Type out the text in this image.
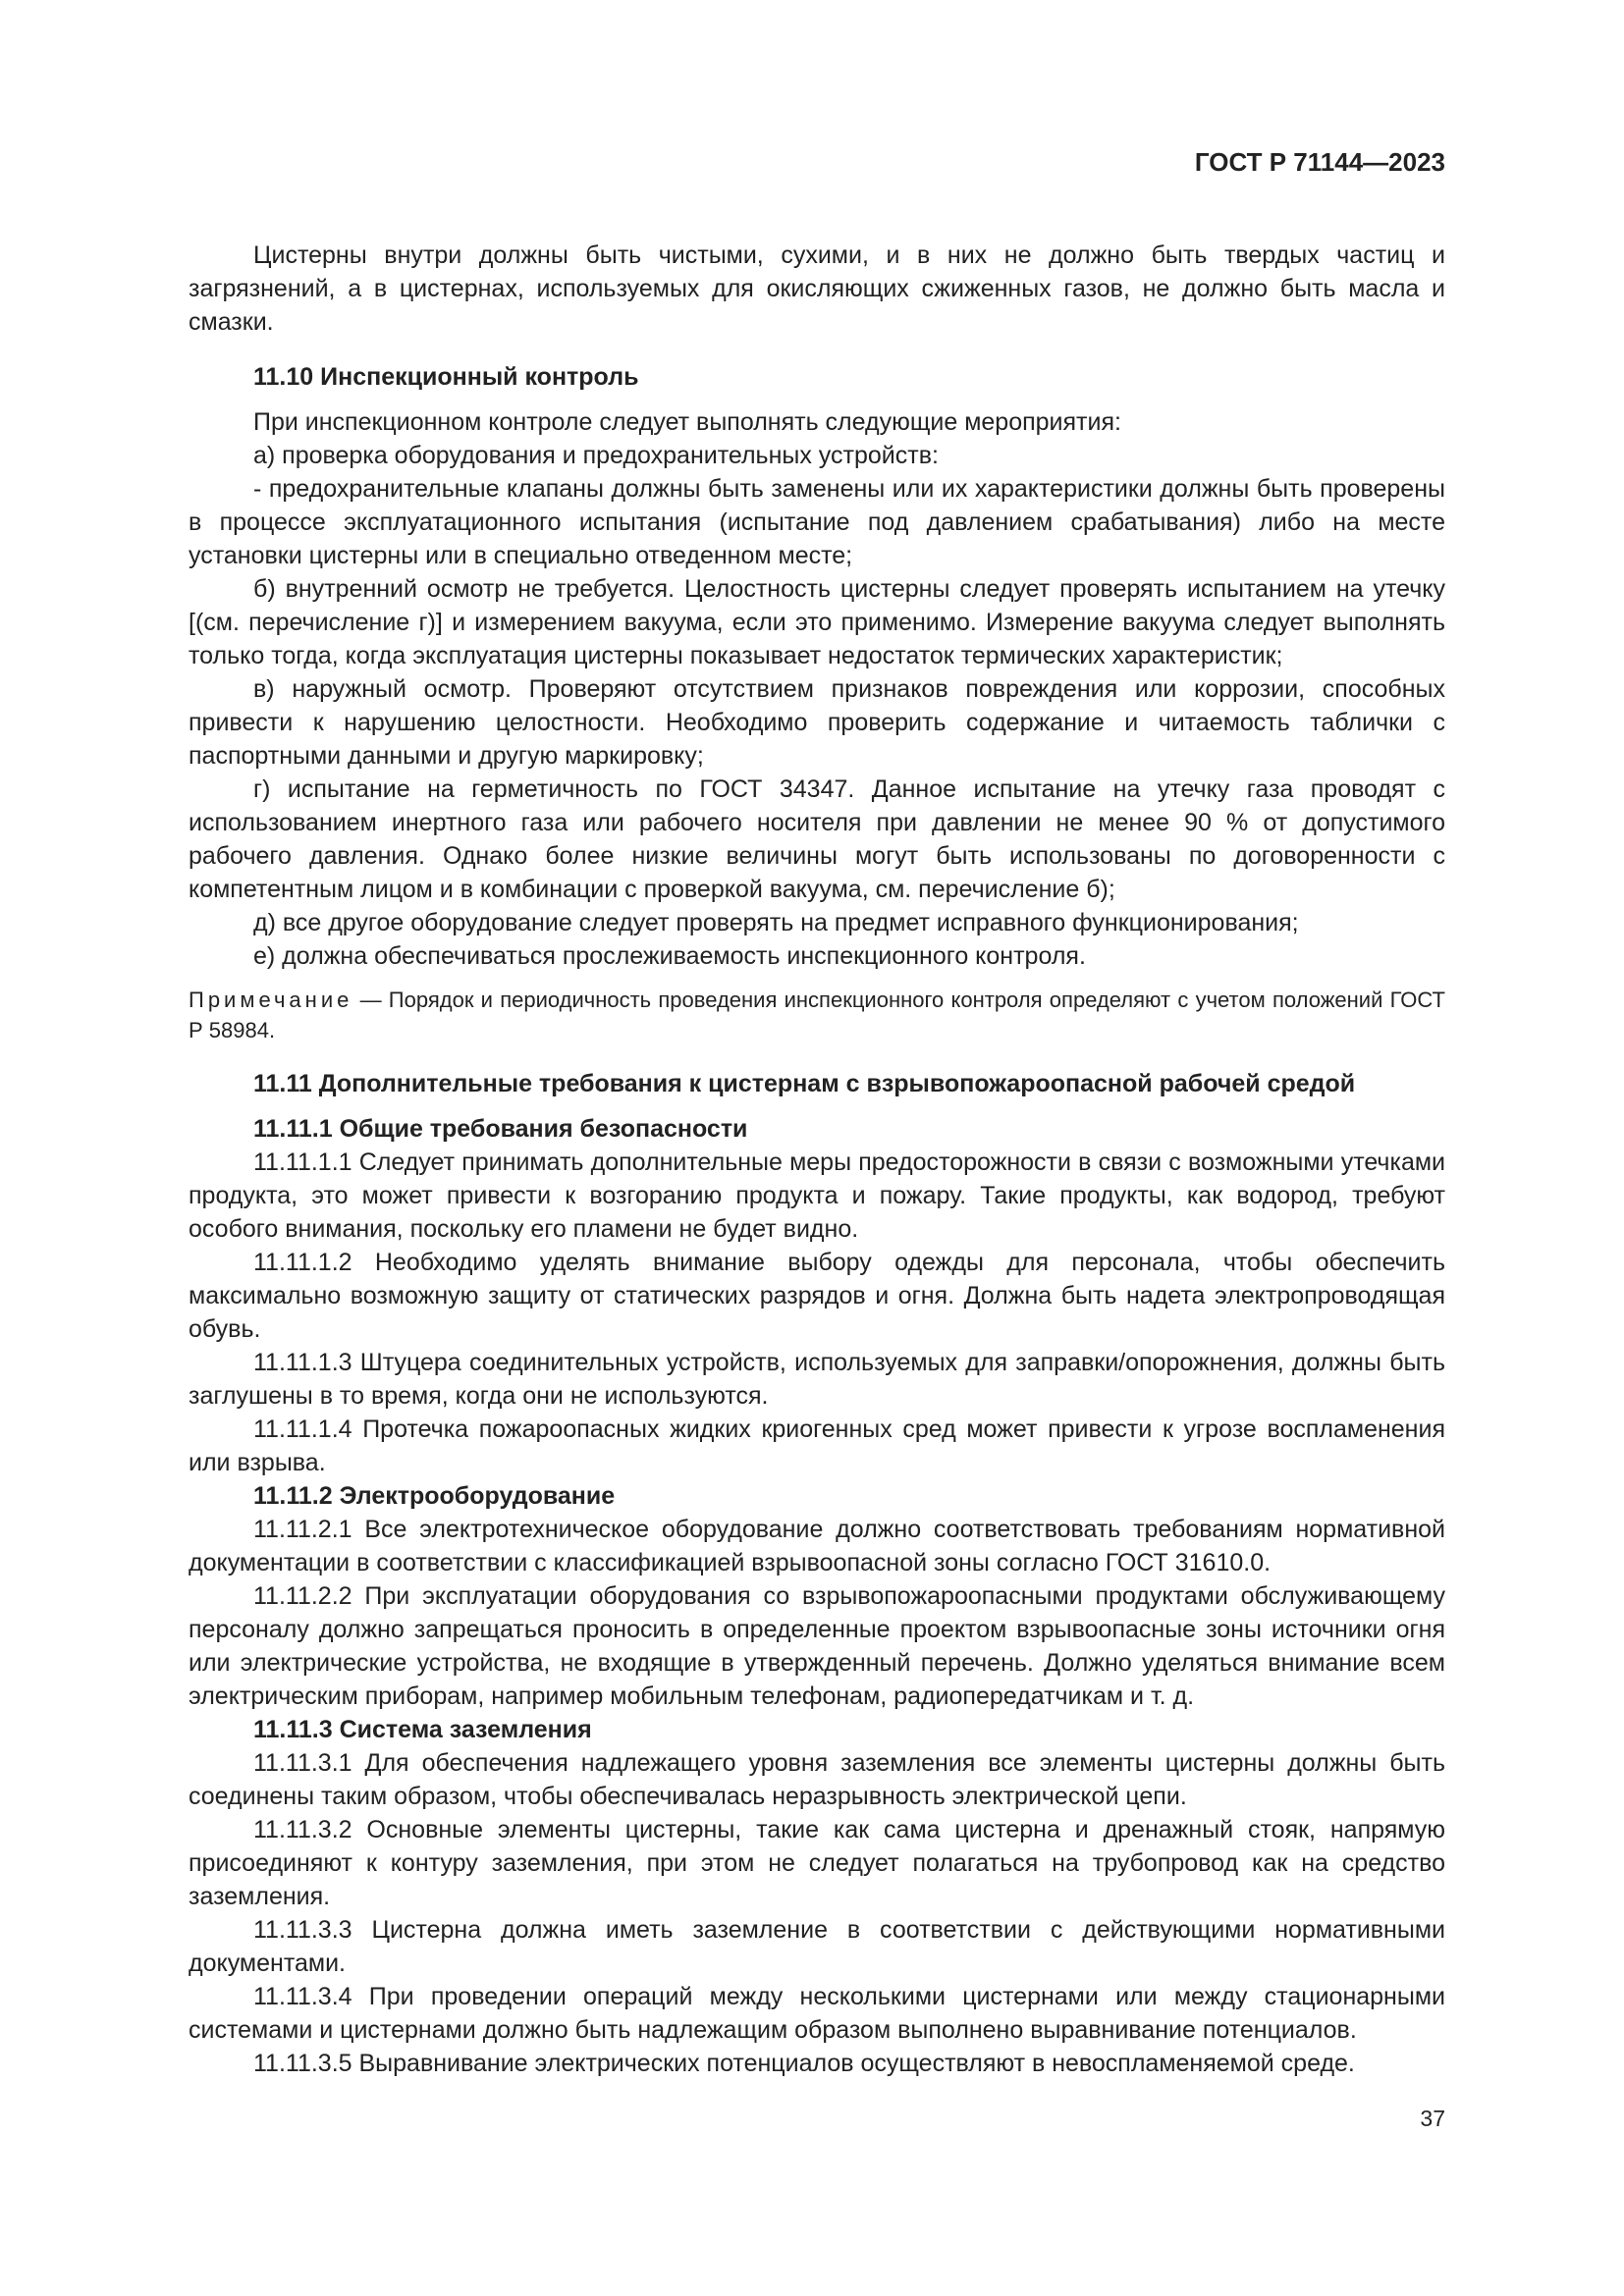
ГОСТ Р 71144—2023

Цистерны внутри должны быть чистыми, сухими, и в них не должно быть твердых частиц и загрязнений, а в цистернах, используемых для окисляющих сжиженных газов, не должно быть масла и смазки.

11.10 Инспекционный контроль

При инспекционном контроле следует выполнять следующие мероприятия:

а) проверка оборудования и предохранительных устройств:

- предохранительные клапаны должны быть заменены или их характеристики должны быть проверены в процессе эксплуатационного испытания (испытание под давлением срабатывания) либо на месте установки цистерны или в специально отведенном месте;

б) внутренний осмотр не требуется. Целостность цистерны следует проверять испытанием на утечку [(см. перечисление г)] и измерением вакуума, если это применимо. Измерение вакуума следует выполнять только тогда, когда эксплуатация цистерны показывает недостаток термических характеристик;

в) наружный осмотр. Проверяют отсутствием признаков повреждения или коррозии, способных привести к нарушению целостности. Необходимо проверить содержание и читаемость таблички с паспортными данными и другую маркировку;

г) испытание на герметичность по ГОСТ 34347. Данное испытание на утечку газа проводят с использованием инертного газа или рабочего носителя при давлении не менее 90 % от допустимого рабочего давления. Однако более низкие величины могут быть использованы по договоренности с компетентным лицом и в комбинации с проверкой вакуума, см. перечисление б);

д) все другое оборудование следует проверять на предмет исправного функционирования;

е) должна обеспечиваться прослеживаемость инспекционного контроля.

Примечание — Порядок и периодичность проведения инспекционного контроля определяют с учетом положений ГОСТ Р 58984.

11.11 Дополнительные требования к цистернам с взрывопожароопасной рабочей средой
11.11.1 Общие требования безопасности

11.11.1.1 Следует принимать дополнительные меры предосторожности в связи с возможными утечками продукта, это может привести к возгоранию продукта и пожару. Такие продукты, как водород, требуют особого внимания, поскольку его пламени не будет видно.

11.11.1.2 Необходимо уделять внимание выбору одежды для персонала, чтобы обеспечить максимально возможную защиту от статических разрядов и огня. Должна быть надета электропроводящая обувь.

11.11.1.3 Штуцера соединительных устройств, используемых для заправки/опорожнения, должны быть заглушены в то время, когда они не используются.

11.11.1.4 Протечка пожароопасных жидких криогенных сред может привести к угрозе воспламенения или взрыва.

11.11.2 Электрооборудование

11.11.2.1 Все электротехническое оборудование должно соответствовать требованиям нормативной документации в соответствии с классификацией взрывоопасной зоны согласно ГОСТ 31610.0.

11.11.2.2 При эксплуатации оборудования со взрывопожароопасными продуктами обслуживающему персоналу должно запрещаться проносить в определенные проектом взрывоопасные зоны источники огня или электрические устройства, не входящие в утвержденный перечень. Должно уделяться внимание всем электрическим приборам, например мобильным телефонам, радиопередатчикам и т. д.

11.11.3 Система заземления

11.11.3.1 Для обеспечения надлежащего уровня заземления все элементы цистерны должны быть соединены таким образом, чтобы обеспечивалась неразрывность электрической цепи.

11.11.3.2 Основные элементы цистерны, такие как сама цистерна и дренажный стояк, напрямую присоединяют к контуру заземления, при этом не следует полагаться на трубопровод как на средство заземления.

11.11.3.3 Цистерна должна иметь заземление в соответствии с действующими нормативными документами.

11.11.3.4 При проведении операций между несколькими цистернами или между стационарными системами и цистернами должно быть надлежащим образом выполнено выравнивание потенциалов.

11.11.3.5 Выравнивание электрических потенциалов осуществляют в невоспламеняемой среде.

37
